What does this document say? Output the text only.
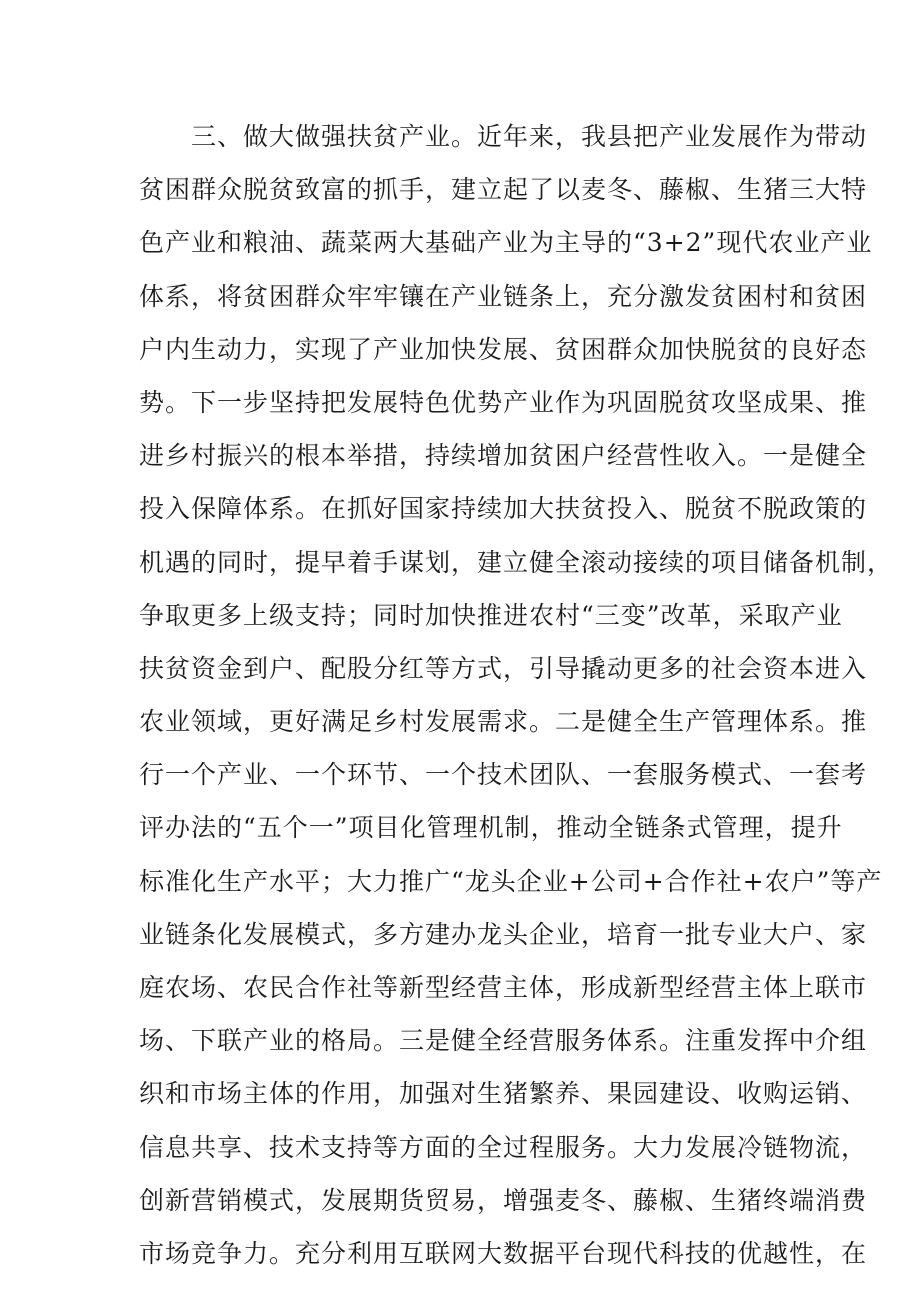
　　三、做大做强扶贫产业。近年来，我县把产业发展作为带动
贫困群众脱贫致富的抓手，建立起了以麦冬、藤椒、生猪三大特
色产业和粮油、蔬菜两大基础产业为主导的“3+2”现代农业产业
体系，将贫困群众牢牢镶在产业链条上，充分激发贫困村和贫困
户内生动力，实现了产业加快发展、贫困群众加快脱贫的良好态
势。下一步坚持把发展特色优势产业作为巩固脱贫攻坚成果、推
进乡村振兴的根本举措，持续增加贫困户经营性收入。一是健全
投入保障体系。在抓好国家持续加大扶贫投入、脱贫不脱政策的
机遇的同时，提早着手谋划，建立健全滚动接续的项目储备机制，
争取更多上级支持；同时加快推进农村“三变”改革，采取产业
扶贫资金到户、配股分红等方式，引导撬动更多的社会资本进入
农业领域，更好满足乡村发展需求。二是健全生产管理体系。推
行一个产业、一个环节、一个技术团队、一套服务模式、一套考
评办法的“五个一”项目化管理机制，推动全链条式管理，提升
标准化生产水平；大力推广“龙头企业+公司+合作社+农户”等产
业链条化发展模式，多方建办龙头企业，培育一批专业大户、家
庭农场、农民合作社等新型经营主体，形成新型经营主体上联市
场、下联产业的格局。三是健全经营服务体系。注重发挥中介组
织和市场主体的作用，加强对生猪繁养、果园建设、收购运销、
信息共享、技术支持等方面的全过程服务。大力发展冷链物流，
创新营销模式，发展期货贸易，增强麦冬、藤椒、生猪终端消费
市场竞争力。充分利用互联网大数据平台现代科技的优越性，在
